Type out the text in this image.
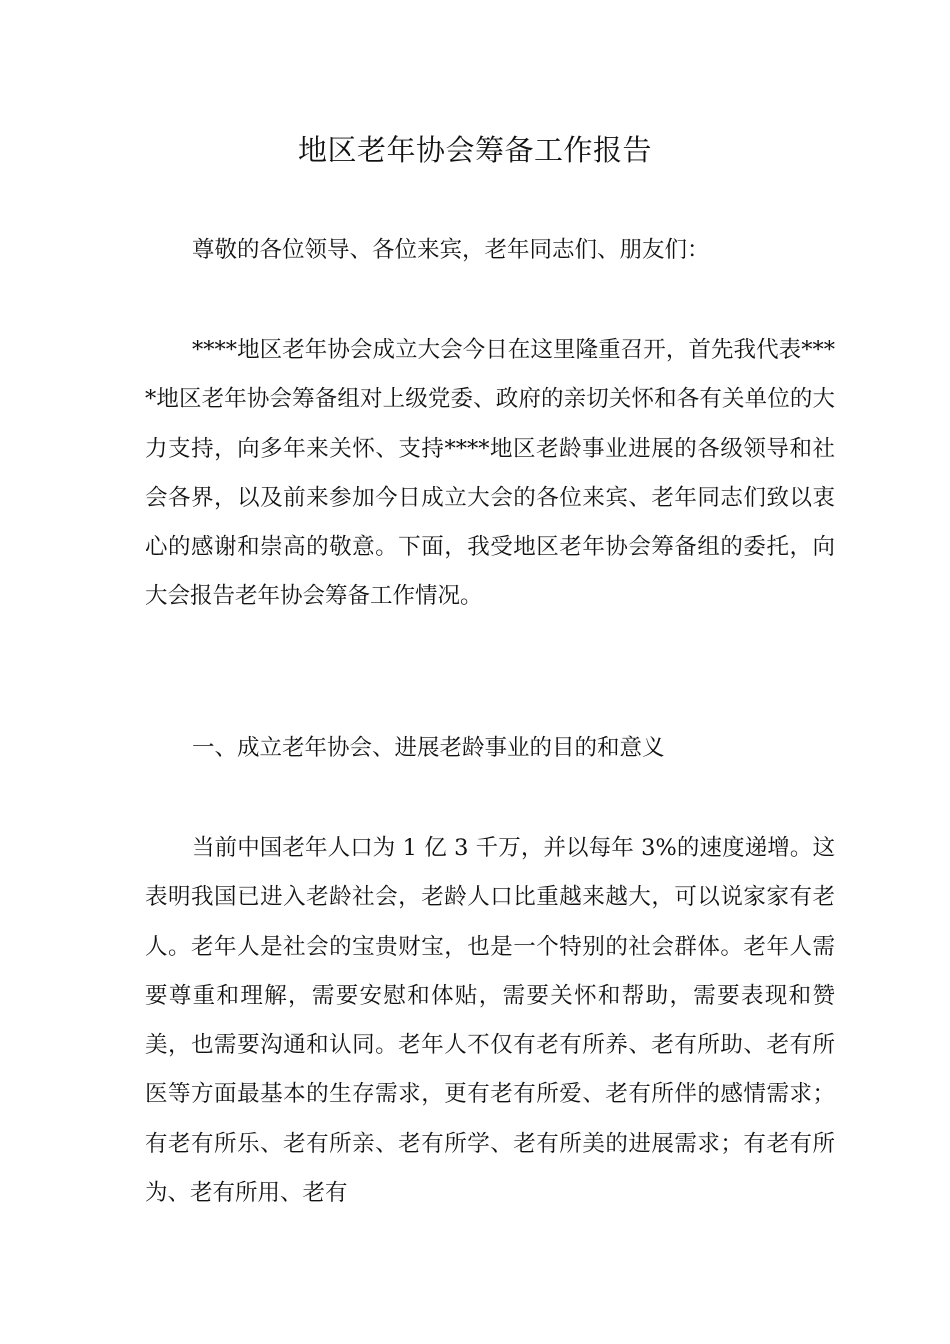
地区老年协会筹备工作报告
尊敬的各位领导、各位来宾，老年同志们、朋友们：
****地区老年协会成立大会今日在这里隆重召开，首先我代表****地区老年协会筹备组对上级党委、政府的亲切关怀和各有关单位的大力支持，向多年来关怀、支持****地区老龄事业进展的各级领导和社会各界，以及前来参加今日成立大会的各位来宾、老年同志们致以衷心的感谢和崇高的敬意。下面，我受地区老年协会筹备组的委托，向大会报告老年协会筹备工作情况。
一、成立老年协会、进展老龄事业的目的和意义
当前中国老年人口为 1 亿 3 千万，并以每年 3%的速度递增。这表明我国已进入老龄社会，老龄人口比重越来越大，可以说家家有老人。老年人是社会的宝贵财宝，也是一个特别的社会群体。老年人需要尊重和理解，需要安慰和体贴，需要关怀和帮助，需要表现和赞美，也需要沟通和认同。老年人不仅有老有所养、老有所助、老有所医等方面最基本的生存需求，更有老有所爱、老有所伴的感情需求；有老有所乐、老有所亲、老有所学、老有所美的进展需求；有老有所为、老有所用、老有
